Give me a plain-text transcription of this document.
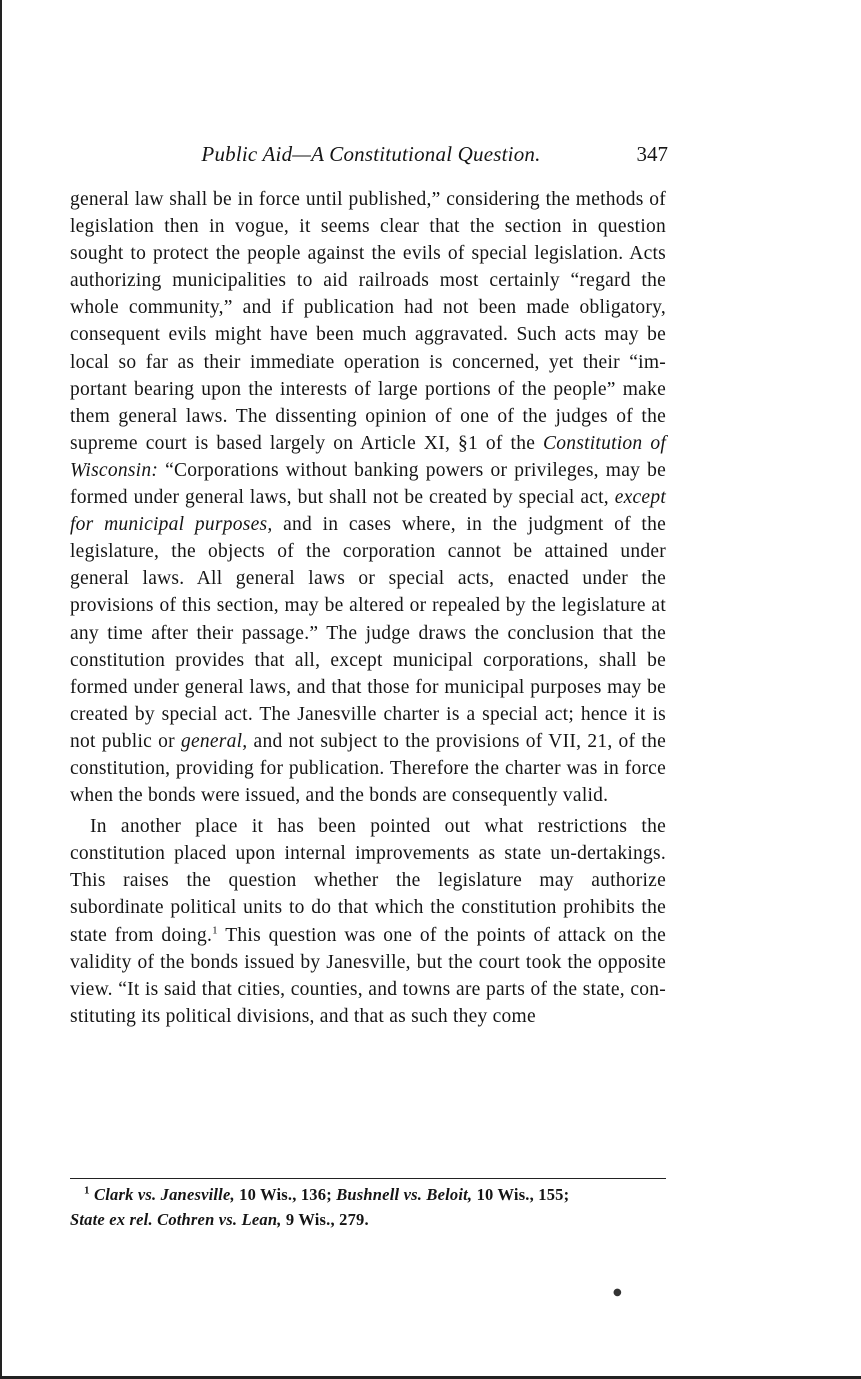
Public Aid—A Constitutional Question.	347

general law shall be in force until published,” considering the methods of legislation then in vogue, it seems clear that the section in question sought to protect the people against the evils of special legislation. Acts authorizing municipalities to aid railroads most certainly “regard the whole community,” and if publication had not been made obligatory, consequent evils might have been much aggravated. Such acts may be local so far as their immediate operation is concerned, yet their “im-portant bearing upon the interests of large portions of the people” make them general laws. The dissenting opinion of one of the judges of the supreme court is based largely on Article XI, §1 of the Constitution of Wisconsin: “Corporations without banking powers or privileges, may be formed under general laws, but shall not be created by special act, except for municipal purposes, and in cases where, in the judgment of the legislature, the objects of the corporation cannot be attained under general laws. All general laws or special acts, enacted under the provisions of this section, may be altered or repealed by the legislature at any time after their passage.” The judge draws the conclusion that the constitution provides that all, except municipal corporations, shall be formed under general laws, and that those for municipal purposes may be created by special act. The Janesville charter is a special act; hence it is not public or general, and not subject to the provisions of VII, 21, of the constitution, providing for publication. Therefore the charter was in force when the bonds were issued, and the bonds are consequently valid.

In another place it has been pointed out what restrictions the constitution placed upon internal improvements as state un-dertakings. This raises the question whether the legislature may authorize subordinate political units to do that which the constitution prohibits the state from doing.$^1$ This question was one of the points of attack on the validity of the bonds issued by Janesville, but the court took the opposite view. “It is said that cities, counties, and towns are parts of the state, con-stituting its political divisions, and that as such they come

$^1$ Clark vs. Janesville, 10 Wis., 136; Bushnell vs. Beloit, 10 Wis., 155;
State ex rel. Cothren vs. Lean, 9 Wis., 279.
●
